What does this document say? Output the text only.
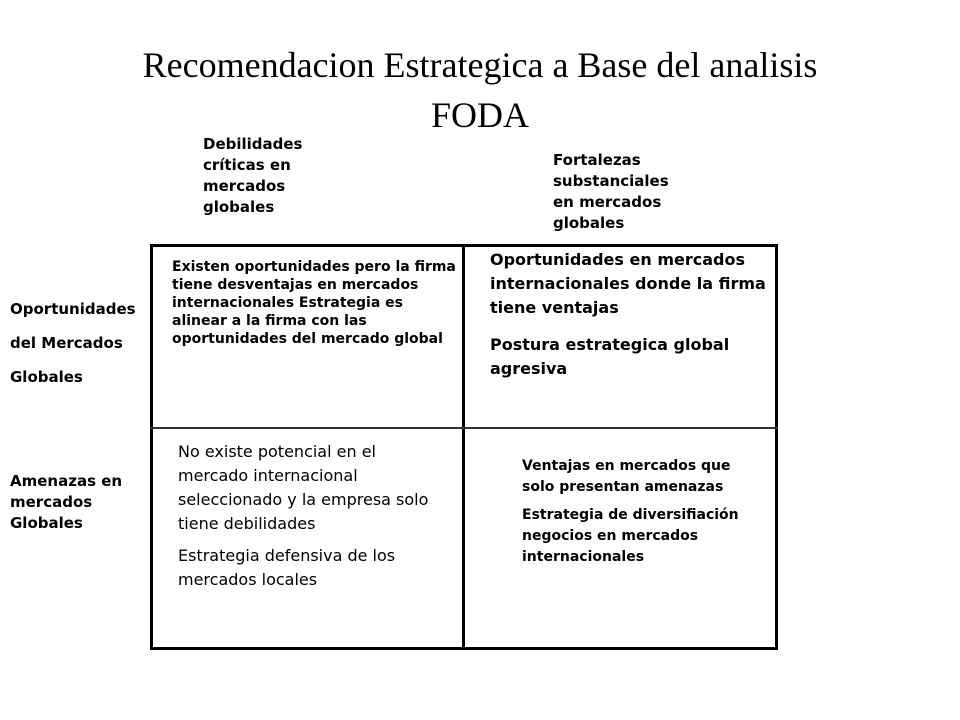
Recomendacion Estrategica a Base del analisis
FODA
Debilidades
críticas en
mercados
globales
Fortalezas
substanciales
en mercados
globales
Oportunidades
del Mercados
Globales
Amenazas en
mercados
Globales

Existen oportunidades pero la firma tiene desventajas en mercados internacionales Estrategia es alinear a la firma con las oportunidades del mercado global

Oportunidades en mercados internacionales donde la firma tiene ventajas

Postura estrategica global agresiva

No existe potencial en el mercado internacional seleccionado y la empresa solo tiene debilidades

Estrategia defensiva de los mercados locales

Ventajas en mercados que solo presentan amenazas

Estrategia de diversifiación negocios en mercados internacionales
